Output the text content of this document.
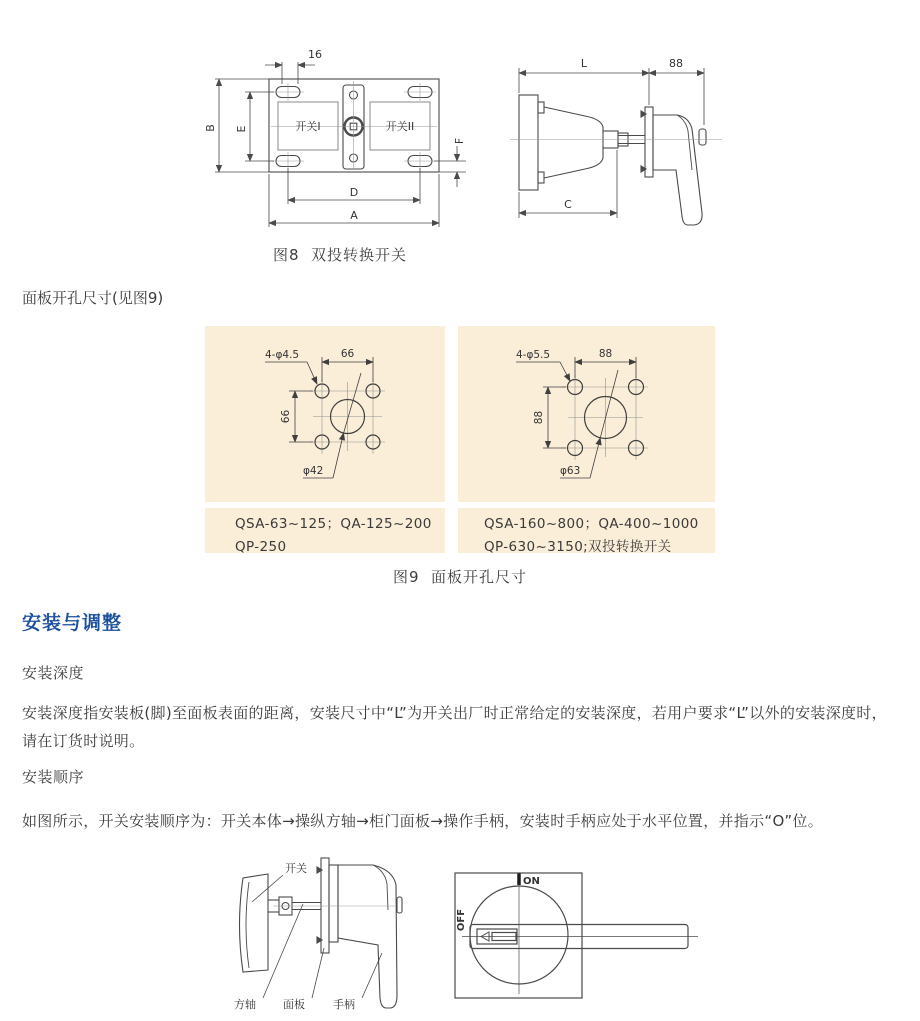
开关I	开关II
16
B E
F
D
A
L	88
C
图8  双投转换开关
面板开孔尺寸(见图9)
4-φ4.5	66
66
φ42
4-φ5.5	88
88
φ63
QSA-63~125；QA-125~200
QP-250
QSA-160~800；QA-400~1000
QP-630~3150;双投转换开关
图9  面板开孔尺寸
安装与调整
安装深度
安装深度指安装板(脚)至面板表面的距离，安装尺寸中“L”为开关出厂时正常给定的安装深度，若用户要求“L”以外的安装深度时，请在订货时说明。
安装顺序
如图所示，开关安装顺序为：开关本体→操纵方轴→柜门面板→操作手柄，安装时手柄应处于水平位置，并指示“O”位。
开关
方轴 面板	手柄
ON
OFF
